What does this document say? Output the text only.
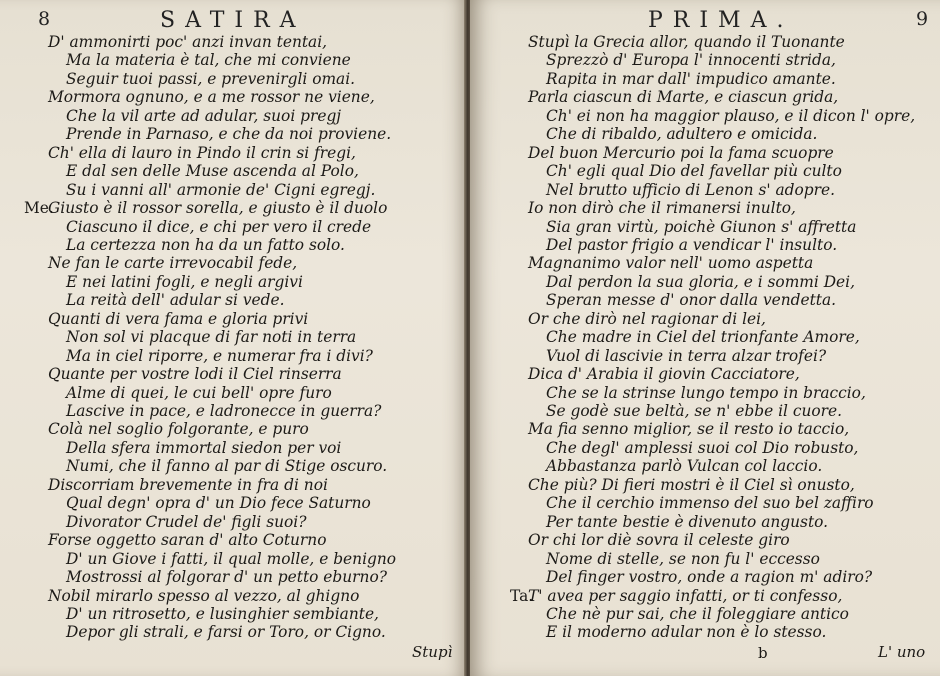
8	SATIRA
D' ammonirti poc' anzi invan tentai,
Ma la materia è tal, che mi conviene
Seguir tuoi passi, e prevenirgli omai.
Mormora ognuno, e a me rossor ne viene,
Che la vil arte ad adular, suoi pregj
Prende in Parnaso, e che da noi proviene.
Ch' ella di lauro in Pindo il crin si fregi,
E dal sen delle Muse ascenda al Polo,
Su i vanni all' armonie de' Cigni egregj.
Me.
Giusto è il rossor sorella, e giusto è il duolo
Ciascuno il dice, e chi per vero il crede
La certezza non ha da un fatto solo.
Ne fan le carte irrevocabil fede,
E nei latini fogli, e negli argivi
La reità dell' adular si vede.
Quanti di vera fama e gloria privi
Non sol vi placque di far noti in terra
Ma in ciel riporre, e numerar fra i divi?
Quante per vostre lodi il Ciel rinserra
Alme di quei, le cui bell' opre furo
Lascive in pace, e ladronecce in guerra?
Colà nel soglio folgorante, e puro
Della sfera immortal siedon per voi
Numi, che il fanno al par di Stige oscuro.
Discorriam brevemente in fra di noi
Qual degn' opra d' un Dio fece Saturno
Divorator Crudel de' figli suoi?
Forse oggetto saran d' alto Coturno
D' un Giove i fatti, il qual molle, e benigno
Mostrossi al folgorar d' un petto eburno?
Nobil mirarlo spesso al vezzo, al ghigno
D' un ritrosetto, e lusinghier sembiante,
Depor gli strali, e farsi or Toro, or Cigno.
Stupì
PRIMA.	9
Stupì la Grecia allor, quando il Tuonante
Sprezzò d' Europa l' innocenti strida,
Rapita in mar dall' impudico amante.
Parla ciascun di Marte, e ciascun grida,
Ch' ei non ha maggior plauso, e il dicon l' opre,
Che di ribaldo, adultero e omicida.
Del buon Mercurio poi la fama scuopre
Ch' egli qual Dio del favellar più culto
Nel brutto ufficio di Lenon s' adopre.
Io non dirò che il rimanersi inulto,
Sia gran virtù, poichè Giunon s' affretta
Del pastor frigio a vendicar l' insulto.
Magnanimo valor nell' uomo aspetta
Dal perdon la sua gloria, e i sommi Dei,
Speran messe d' onor dalla vendetta.
Or che dirò nel ragionar di lei,
Che madre in Ciel del trionfante Amore,
Vuol di lascivie in terra alzar trofei?
Dica d' Arabia il giovin Cacciatore,
Che se la strinse lungo tempo in braccio,
Se godè sue beltà, se n' ebbe il cuore.
Ma fia senno miglior, se il resto io taccio,
Che degl' amplessi suoi col Dio robusto,
Abbastanza parlò Vulcan col laccio.
Che più? Di fieri mostri è il Ciel sì onusto,
Che il cerchio immenso del suo bel zaffiro
Per tante bestie è divenuto angusto.
Or chi lor diè sovra il celeste giro
Nome di stelle, se non fu l' eccesso
Del finger vostro, onde a ragion m' adiro?
Ta.
T' avea per saggio infatti, or ti confesso,
Che nè pur sai, che il foleggiare antico
E il moderno adular non è lo stesso.
b	L' uno
